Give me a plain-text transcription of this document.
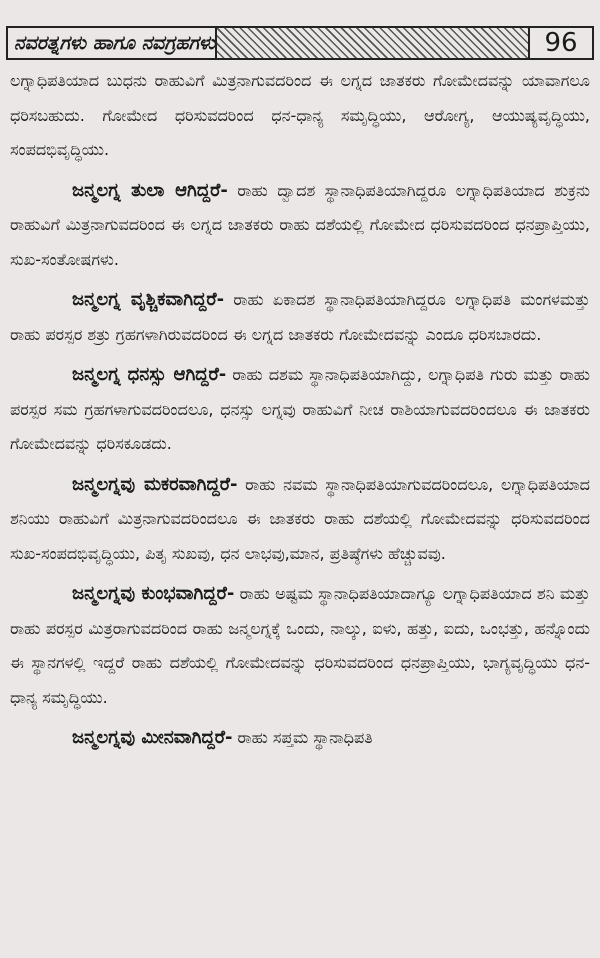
ನವರತ್ನಗಳು ಹಾಗೂ ನವಗ್ರಹಗಳು	96

ಲಗ್ನಾಧಿಪತಿಯಾದ ಬುಧನು ರಾಹುವಿಗೆ ಮಿತ್ರನಾಗುವದರಿಂದ ಈ ಲಗ್ನದ ಜಾತಕರು ಗೋಮೇದವನ್ನು ಯಾವಾಗಲೂ ಧರಿಸಬಹುದು. ಗೋಮೇದ ಧರಿಸುವದರಿಂದ ಧನ-ಧಾನ್ಯ ಸಮೃದ್ಧಿಯು, ಆರೋಗ್ಯ, ಆಯುಷ್ಯವೃದ್ಧಿಯು, ಸಂಪದಭಿವೃದ್ಧಿಯು.

ಜನ್ಮಲಗ್ನ ತುಲಾ ಆಗಿದ್ದರೆ- ರಾಹು ದ್ವಾದಶ ಸ್ಥಾನಾಧಿಪತಿಯಾಗಿದ್ದರೂ ಲಗ್ನಾಧಿಪತಿಯಾದ ಶುಕ್ರನು ರಾಹುವಿಗೆ ಮಿತ್ರನಾಗುವದರಿಂದ ಈ ಲಗ್ನದ ಜಾತಕರು ರಾಹು ದಶೆಯಲ್ಲಿ ಗೋಮೇದ ಧರಿಸುವದರಿಂದ ಧನಪ್ರಾಪ್ತಿಯು, ಸುಖ-ಸಂತೋಷಗಳು.

ಜನ್ಮಲಗ್ನ ವೃಶ್ಚಿಕವಾಗಿದ್ದರೆ- ರಾಹು ಏಕಾದಶ ಸ್ಥಾನಾಧಿಪತಿಯಾಗಿದ್ದರೂ ಲಗ್ನಾಧಿಪತಿ ಮಂಗಳಮತ್ತು ರಾಹು ಪರಸ್ಪರ ಶತ್ರು ಗ್ರಹಗಳಾಗಿರುವದರಿಂದ ಈ ಲಗ್ನದ ಜಾತಕರು ಗೋಮೇದವನ್ನು ಎಂದೂ ಧರಿಸಬಾರದು.

ಜನ್ಮಲಗ್ನ ಧನಸ್ಸು ಆಗಿದ್ದರೆ- ರಾಹು ದಶಮ ಸ್ಥಾನಾಧಿಪತಿಯಾಗಿದ್ದು, ಲಗ್ನಾಧಿಪತಿ ಗುರು ಮತ್ತು ರಾಹು ಪರಸ್ಪರ ಸಮ ಗ್ರಹಗಳಾಗುವದರಿಂದಲೂ, ಧನಸ್ಸು ಲಗ್ನವು ರಾಹುವಿಗೆ ನೀಚ ರಾಶಿಯಾಗುವದರಿಂದಲೂ ಈ ಜಾತಕರು ಗೋಮೇದವನ್ನು ಧರಿಸಕೂಡದು.

ಜನ್ಮಲಗ್ನವು ಮಕರವಾಗಿದ್ದರೆ- ರಾಹು ನವಮ ಸ್ಥಾನಾಧಿಪತಿಯಾಗುವದರಿಂದಲೂ, ಲಗ್ನಾಧಿಪತಿಯಾದ ಶನಿಯು ರಾಹುವಿಗೆ ಮಿತ್ರನಾಗುವದರಿಂದಲೂ ಈ ಜಾತಕರು ರಾಹು ದಶೆಯಲ್ಲಿ ಗೋಮೇದವನ್ನು ಧರಿಸುವದರಿಂದ ಸುಖ-ಸಂಪದಭಿವೃದ್ಧಿಯು, ಪಿತೃ ಸುಖವು, ಧನ ಲಾಭವು,ಮಾನ, ಪ್ರತಿಷ್ಠೆಗಳು ಹೆಚ್ಚುವವು.

ಜನ್ಮಲಗ್ನವು ಕುಂಭವಾಗಿದ್ದರೆ- ರಾಹು ಅಷ್ಟಮ ಸ್ಥಾನಾಧಿಪತಿಯಾದಾಗ್ಯೂ ಲಗ್ನಾಧಿಪತಿಯಾದ ಶನಿ ಮತ್ತು ರಾಹು ಪರಸ್ಪರ ಮಿತ್ರರಾಗುವದರಿಂದ ರಾಹು ಜನ್ಮಲಗ್ನಕ್ಕೆ ಒಂದು, ನಾಲ್ಕು, ಐಳು, ಹತ್ತು, ಐದು, ಒಂಭತ್ತು, ಹನ್ನೊಂದು ಈ ಸ್ಥಾನಗಳಲ್ಲಿ ಇದ್ದರೆ ರಾಹು ದಶೆಯಲ್ಲಿ ಗೋಮೇದವನ್ನು ಧರಿಸುವದರಿಂದ ಧನಪ್ರಾಪ್ತಿಯು, ಭಾಗ್ಯವೃದ್ಧಿಯು ಧನ-ಧಾನ್ಯ ಸಮೃದ್ಧಿಯು.

ಜನ್ಮಲಗ್ನವು ಮೀನವಾಗಿದ್ದರೆ- ರಾಹು ಸಪ್ತಮ ಸ್ಥಾನಾಧಿಪತಿ
